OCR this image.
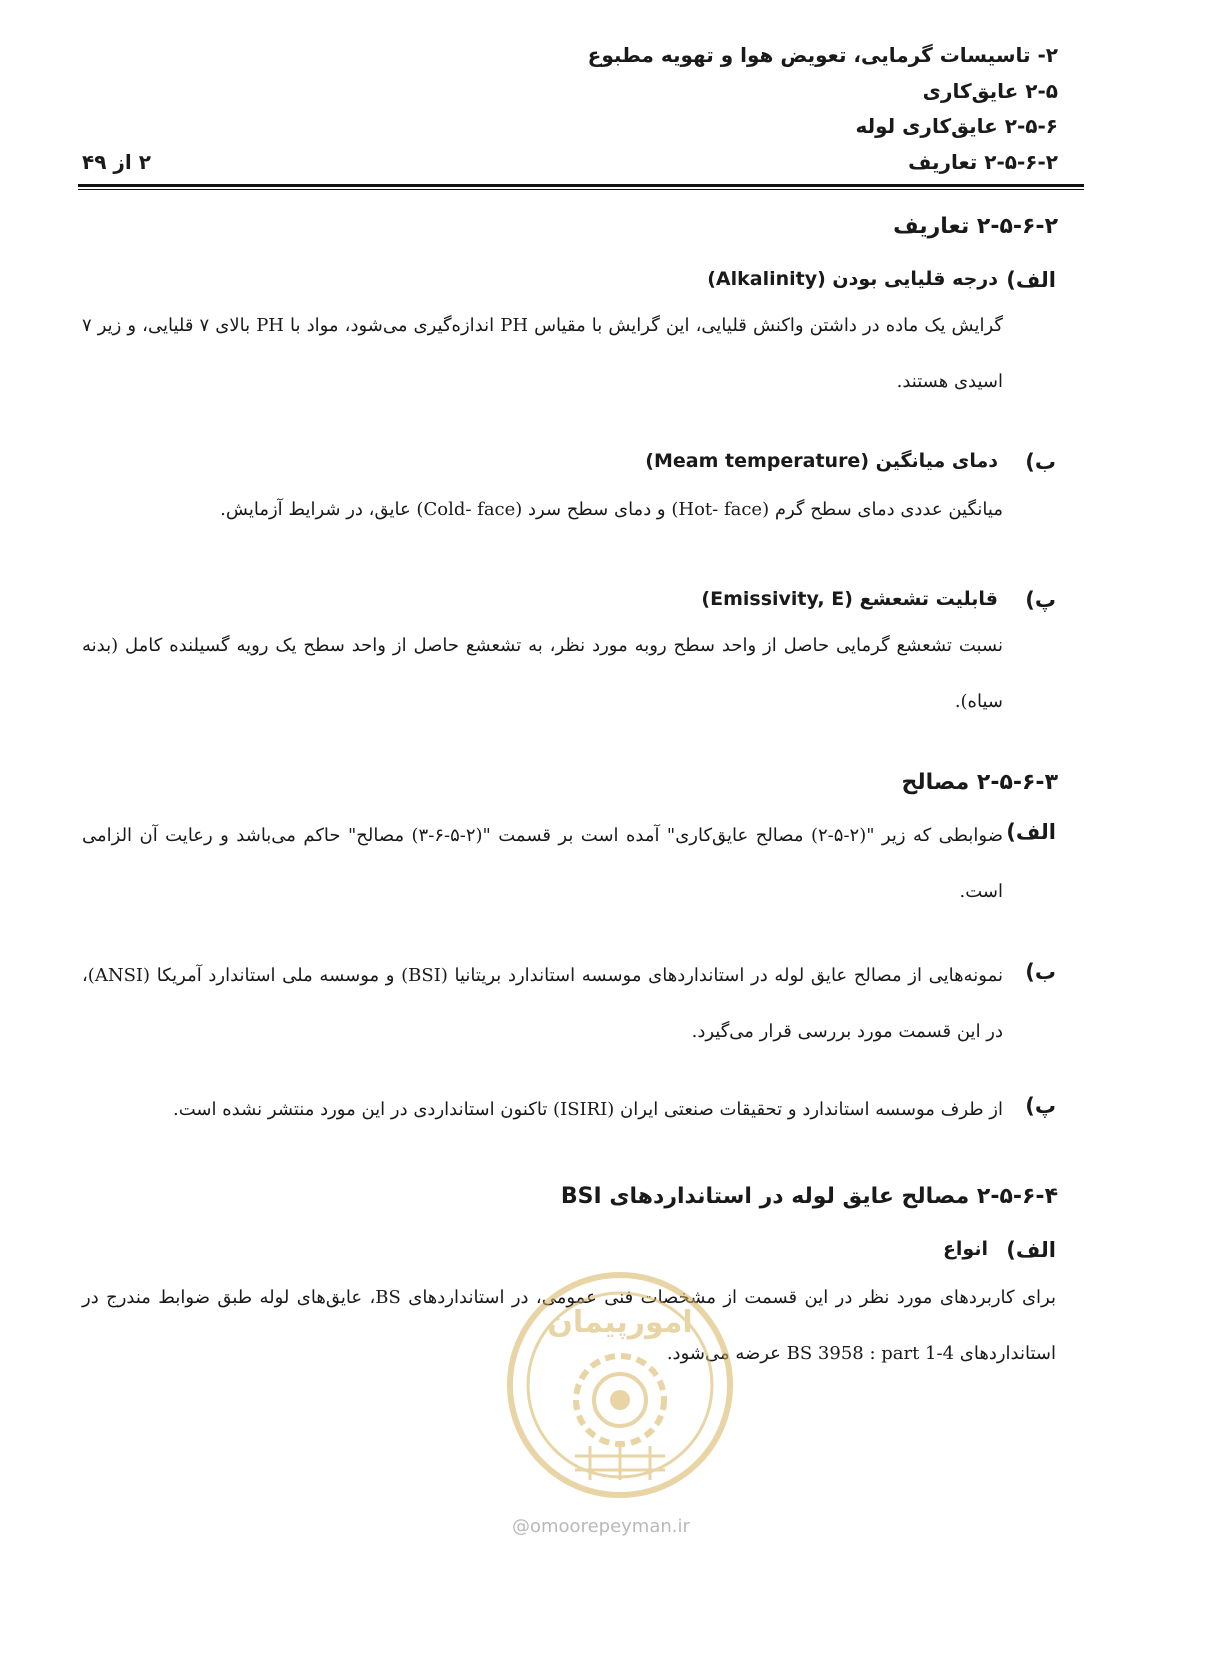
۲- تاسیسات گرمایی، تعویض هوا و تهویه مطبوع
۲-۵ عایق‌کاری
۲-۵-۶ عایق‌کاری لوله
۲-۵-۶-۲ تعاریف
۲ از ۴۹
۲-۵-۶-۲ تعاریف
الف)
درجه قلیایی بودن (Alkalinity)
گرایش یک ماده در داشتن واکنش قلیایی، این گرایش با مقیاس PH اندازه‌گیری می‌شود، مواد با PH بالای ۷ قلیایی، و زیر ۷ اسیدی هستند.
ب)
دمای میانگین (Meam temperature)
میانگین عددی دمای سطح گرم (Hot- face) و دمای سطح سرد (Cold- face) عایق، در شرایط آزمایش.
پ)
قابلیت تشعشع (Emissivity, E)
نسبت تشعشع گرمایی حاصل از واحد سطح روبه مورد نظر، به تشعشع حاصل از واحد سطح یک رویه گسیلنده کامل (بدنه سیاه).
۲-۵-۶-۳ مصالح
الف)
ضوابطی که زیر "(۲-۵-۲) مصالح عایق‌کاری" آمده است بر قسمت "(۲-۵-۶-۳) مصالح" حاکم می‌باشد و رعایت آن الزامی است.
ب)
نمونه‌هایی از مصالح عایق لوله در استانداردهای موسسه استاندارد بریتانیا (BSI) و موسسه ملی استاندارد آمریکا (ANSI)، در این قسمت مورد بررسی قرار می‌گیرد.
پ)
از طرف موسسه استاندارد و تحقیقات صنعتی ایران (ISIRI) تاکنون استانداردی در این مورد منتشر نشده است.
۲-۵-۶-۴ مصالح عایق لوله در استانداردهای BSI
الف)
انواع
برای کاربردهای مورد نظر در این قسمت از مشخصات فنی عمومی، در استانداردهای BS، عایق‌های لوله طبق ضوابط مندرج در استانداردهای BS 3958 : part 1-4 عرضه می‌شود.
امورپیمان
@omoorepeyman.ir
